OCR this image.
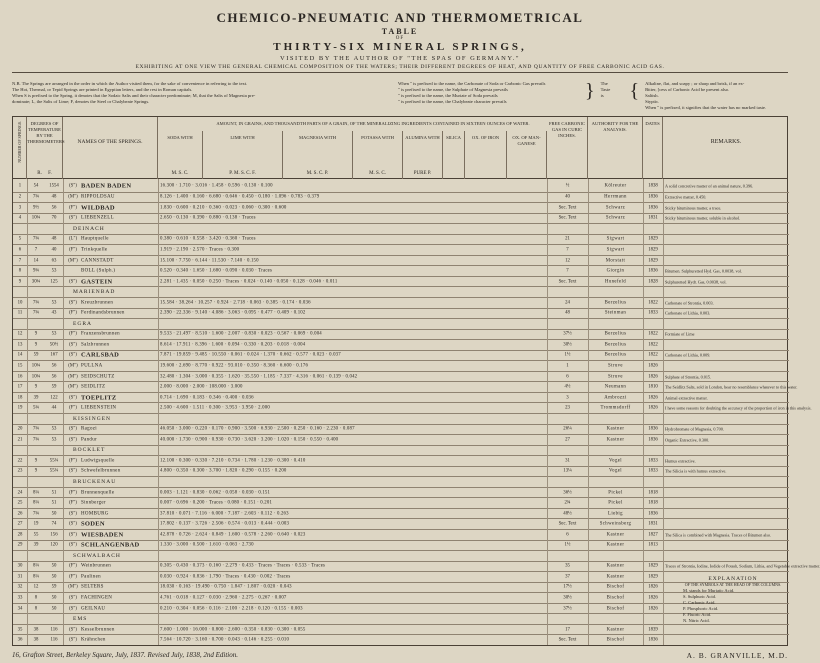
CHEMICO-PNEUMATIC AND THERMOMETRICAL
TABLE
OF
THIRTY-SIX MINERAL SPRINGS,
VISITED BY THE AUTHOR OF "THE SPAS OF GERMANY."
EXHIBITING AT ONE VIEW THE GENERAL CHEMICAL COMPOSITION OF THE WATERS; THEIR DIFFERENT DEGREES OF HEAT, AND QUANTITY OF FREE CARBONIC ACID GAS.
N.B. The Springs are arranged in the order in which the Author visited them, for the sake of convenience in referring to the text.
The Hot, Thermal, or Tepid Springs are printed in Egyptian letters, and the rest in Roman capitals.
When S is prefixed to the Spring, it denotes that the Sodaic Salts and their character predominate; M, that the Salts of Magnesia pre-
dominate; L, the Salts of Lime; F, denotes the Steel or Chalybeate Springs.
When " is prefixed to the name, the Carbonate of Soda or Carbonic Gas prevails
" is prefixed to the name, the Sulphate of Magnesia prevails
" is prefixed to the name, the Muriate of Soda prevails
" is prefixed to the name, the Chalybeate character prevails	} The
Taste
is	{ Alkaline, flat, and soapy ; or sharp and brisk, if an ex-
Bitter, [cess of Carbonic Acid be present also.
Saltish.
Styptic.
When " is prefixed, it signifies that the water has no marked taste.
NUMBER OF SPRINGS.	DEGREES OF TEMPERATURE BY THE THERMOMETERS
R. F.
NAMES OF THE SPRINGS.
AMOUNT, IN GRAINS, AND THOUSANDTH PARTS OF A GRAIN, OF THE MINERALIZING INGREDIENTS CONTAINED IN SIXTEEN OUNCES OF WATER.
SODA WITH
M. S. C.
LIME WITH
P. M. S. C. F.
MAGNESIA WITH
M. S. C. P.
POTASSA WITH
M. S. C.
ALUMINA WITH
PURE P.
SILICA	OX. OF IRON	OX. OF MAN-GANESE
FREE CARBONIC GAS IN CUBIC INCHES.
AUTHORITY FOR THE ANALYSIS.
DATES
REMARKS.
1	54	1554	(S") BADEN BADEN	16.300 · 1.710 · 3.016 · 1.458 · 0.596 · 0.130 · 0.100	½	Kölreuter	1838	A solid concretive matter of an animal nature, 0.396.
2	7¾	48	(M") RIPPOLDSAU	8.126 · 1.400 · 0.160 · 6.680 · 0.646 · 0.450 · 0.180 · 1.096 · 0.783 · 0.379	40	Herrmann	1836	Extractive matter, 0.450.
3	9½	56	(F") WILDBAD	1.830 · 0.600 · 0.210 · 0.360 · 0.023 · 0.060 · 0.300 · 0.600	Sec. Text	Schwarz	1836	Sticky bituminous matter, a trace.
4	10¾	70	(S") LIEBENZELL	2.650 · 0.130 · 0.390 · 0.880 · 0.138 · Traces	Sec. Text	Schwarz	1831	Sticky bituminous matter, soluble in alcohol.
DEINACH
5	7¾	48	(L") Hauptquelle	0.380 · 0.610 · 0.558 · 3.420 · 0.360 · Traces	21	Sigwart	1829
6	7	40	(F") Trinkquelle	1.919 · 2.190 · 2.570 · Traces · 0.300	7	Sigwart	1829
7	14	63	(M") CANNSTADT	15.100 · 7.750 · 6.144 · 11.530 · 7.140 · 0.150	12	Morstatt	1829
8	9¾	53	BOLL (Sulph.)	0.520 · 0.340 · 1.650 · 1.680 · 0.090 · 0.030 · Traces	7	Giorgin	1836	Bitumen. Sulphuretted Hyd. Gas, 0.0038, vol.
9	30¾	125	(S") GASTEIN	2.281 · 1.435 · 0.050 · 0.250 · Traces · 0.024 · 0.140 · 0.050 · 0.128 · 0.046 · 0.011	Sec. Text	Hunefeld	1828	Sulphuretted Hydr. Gas, 0.0038, vol.
MARIENBAD
10	7¾	53	(S") Kreuzbrunnen	15.584 · 38.264 · 10.257 · 0.924 · 2.718 · 0.063 · 0.385 · 0.174 · 0.036	24	Berzelius	1822	Carbonate of Strontia, 0.003.
11	7¾	43	(F") Ferdinandsbrunnen	2.390 · 22.336 · 9.140 · 4.086 · 3.063 · 0.095 · 0.477 · 0.409 · 0.102	48	Steinman	1833	Carbonate of Lithia, 0.003.
EGRA
12	9	53	(F") Franzensbrunnen	9.533 · 21.497 · 8.510 · 1.600 · 2.007 · 0.830 · 0.023 · 0.567 · 0.069 · 0.004	37½	Berzelius	1822	Formiate of Lime
13	9	50½	(S") Salzbrunnen	8.614 · 17.911 · 8.396 · 1.600 · 0.094 · 0.330 · 0.203 · 0.018 · 0.004	30½	Berzelius	1822
14	59	167	(S") CARLSBAD	7.871 · 19.859 · 9.485 · 10.550 · 0.061 · 0.024 · 1.370 · 0.662 · 0.577 · 0.023 · 0.037	1½	Berzelius	1822	Carbonate of Lithia, 0.009.
15	10¾	56	(M") PULLNA	19.600 · 2.690 · 8.770 · 0.922 · 93.010 · 0.350 · 8.360 · 6.600 · 0.176	1	Struve	1826
16	10¾	56	(M") SEIDSCHUTZ	32.480 · 1.304 · 3.000 · 0.355 · 1.620 · 35.550 · 1.185 · 7.337 · 4.316 · 0.061 · 0.139 · 0.042	6	Struve	1826	Sulphate of Strontia, 0.015.
17	9	59	(M") SEIDLITZ	2.000 · 8.000 · 2.000 · 108.000 · 3.000	4½	Neumann	1810	The Seidlitz Salts, sold in London, bear no resemblance whatever to this water.
18	39	122	(S") TOEPLITZ	0.714 · 1.690 · 0.183 · 0.346 · 0.400 · 0.036	3	Ambrozzi	1826	Animal extractive matter.
19	5¾	44	(F") LIEBENSTEIN	2.500 · 4.600 · 1.511 · 0.300 · 3.953 · 3.950 · 2.000	23	Trommsdorff	1826	I have some reasons for doubting the accuracy of the proportion of iron in this analysis.
KISSINGEN
20	7¾	53	(S") Ragozi	46.050 · 3.000 · 0.220 · 0.170 · 0.900 · 3.500 · 6.930 · 2.500 · 0.250 · 0.160 · 2.230 · 0.087	26¼	Kastner	1836	Hydrobromate of Magnesia, 0.700.
21	7¾	53	(S") Pandur	40.000 · 1.730 · 0.900 · 0.930 · 0.730 · 3.620 · 3.200 · 1.020 · 0.150 · 0.550 · 0.400	27	Kastner	1836	Organic Extractive, 0.300.
BOCKLET
22	9	55¼	(F") Ludwigsquelle	12.100 · 0.300 · 0.330 · 7.210 · 0.734 · 1.780 · 1.230 · 0.300 · 0.410	31	Vogel	1833	Humus extractive.
23	9	55¼	(S") Schwefelbrunnen	4.800 · 0.350 · 0.300 · 3.700 · 1.820 · 0.290 · 0.155 · 0.200	13¼	Vogel	1833	The Silicia is with humus extractive.
BRUCKENAU
24	8¼	51	(F") Brunnenquelle	0.003 · 1.121 · 0.830 · 0.062 · 0.058 · 0.030 · 0.151	36½	Pickel	1818
25	8¼	51	(F") Sinnberger	0.007 · 0.696 · 0.200 · Traces · 0.080 · 0.151 · 0.201	2¾	Pickel	1818
26	7¾	50	(S") HOMBURG	37.810 · 0.071 · 7.116 · 6.000 · 7.187 · 2.603 · 0.112 · 0.263	48½	Liebig	1836
27	19	74	(S") SODEN	17.802 · 0.137 · 3.726 · 2.506 · 0.574 · 0.013 · 0.444 · 0.003	Sec. Text	Schweinsberg	1831
28	55	156	(S") WIESBADEN	42.878 · 0.726 · 2.624 · 0.849 · 1.600 · 0.578 · 2.260 · 0.640 · 0.023	6	Kastner	1827	The Silica is combined with Magnesia. Traces of Bitumen also.
29	39	120	(S") SCHLANGENBAD	1.330 · 3.000 · 0.500 · 1.610 · 0.063 · 2.730	1½	Kastner	1813
SCHWALBACH
30	8¼	50	(F") Weinbrunnen	0.305 · 0.430 · 0.373 · 0.160 · 2.279 · 0.433 · Traces · Traces · 0.533 · Traces	35	Kastner	1829	Traces of Strontia, Iodine, Iodide of Potash, Sodium, Lithia, and Vegetable extractive matter.
31	8¼	50	(F") Paulinen	0.030 · 0.924 · 0.836 · 1.790 · Traces · 0.430 · 0.002 · Traces	37	Kastner	1829
32	12	59	(M") SELTERS	18.030 · 0.163 · 19.490 · 0.750 · 1.847 · 1.807 · 0.020 · 0.043	17½	Bischof	1826
33	8	50	(S") FACHINGEN	4.761 · 0.018 · 0.127 · 0.030 · 2.960 · 2.275 · 0.267 · 0.007	30½	Bischof	1826
34	8	50	(S") GEILNAU	0.210 · 0.304 · 0.056 · 0.116 · 2.100 · 2.218 · 0.120 · 0.155 · 0.003	37½	Bischof	1826
EMS
35	38	116	(S") Kesselbrunnen	7.600 · 1.000 · 16.000 · 0.800 · 2.600 · 0.350 · 0.830 · 0.300 · 0.055	17	Kastner	1839
36	38	116	(S") Krähnchen	7.564 · 10.720 · 3.160 · 0.700 · 0.043 · 0.146 · 0.255 · 0.010	Sec. Text	Bischof	1836
EXPLANATION
OF THE SYMBOLS AT THE HEAD OF THE COLUMNS.
M. stands for Muriatic Acid.
S. Sulphuric Acid.
C. Carbonic Acid.
P. Phosphoric Acid.
F. Fluoric Acid.
N. Nitric Acid.
16, Grafton Street, Berkeley Square, July, 1837. Revised July, 1838, 2nd Edition.	A. B. GRANVILLE, M.D.
